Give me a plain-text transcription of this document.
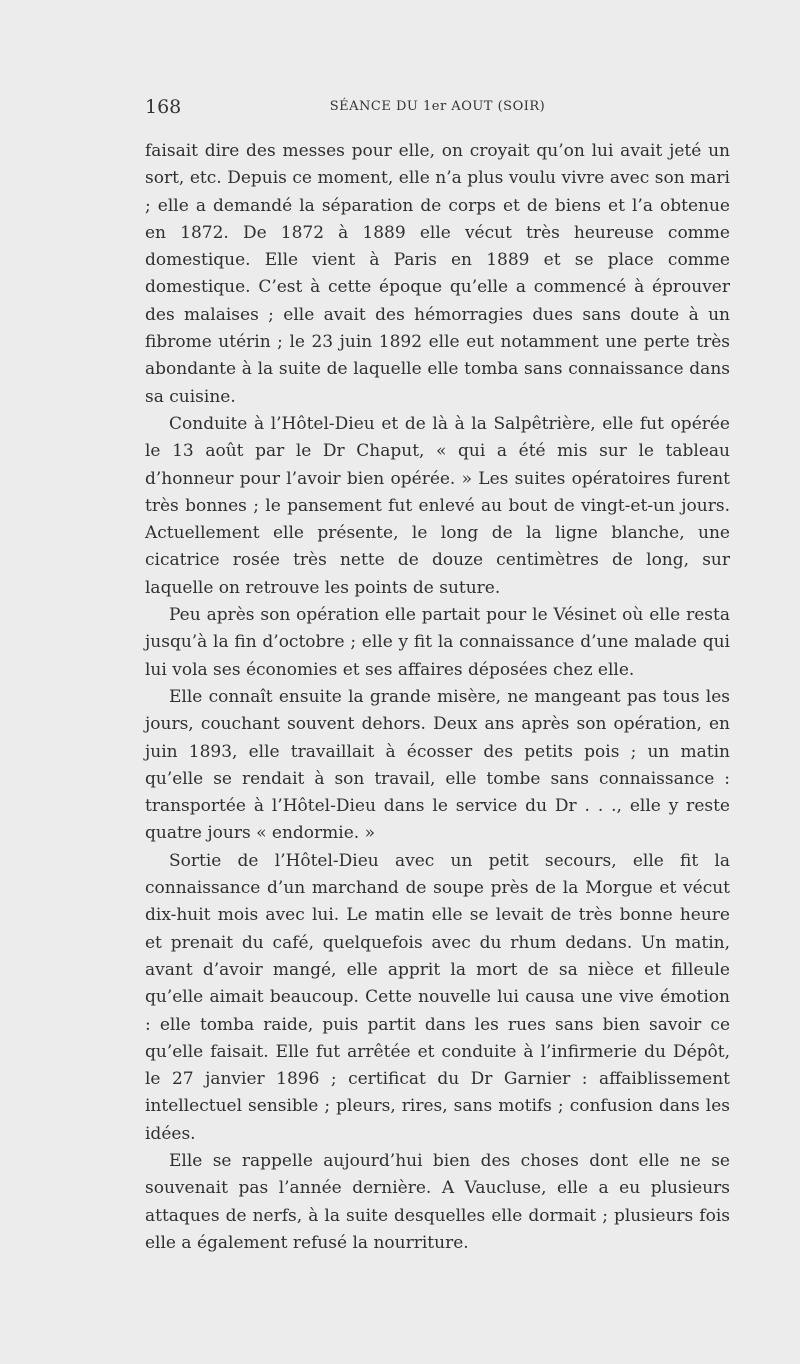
168	SÉANCE DU 1er AOUT (SOIR)

faisait dire des messes pour elle, on croyait qu’on lui avait jeté un sort, etc. Depuis ce moment, elle n’a plus voulu vivre avec son mari ; elle a demandé la séparation de corps et de biens et l’a obtenue en 1872. De 1872 à 1889 elle vécut très heureuse comme domestique. Elle vient à Paris en 1889 et se place comme domestique. C’est à cette époque qu’elle a commencé à éprouver des malaises ; elle avait des hémorragies dues sans doute à un fibrome utérin ; le 23 juin 1892 elle eut notamment une perte très abondante à la suite de laquelle elle tomba sans connaissance dans sa cuisine.

Conduite à l’Hôtel-Dieu et de là à la Salpêtrière, elle fut opérée le 13 août par le Dr Chaput, « qui a été mis sur le tableau d’honneur pour l’avoir bien opérée. » Les suites opératoires furent très bonnes ; le pansement fut enlevé au bout de vingt-et-un jours. Actuellement elle présente, le long de la ligne blanche, une cicatrice rosée très nette de douze centimètres de long, sur laquelle on retrouve les points de suture.

Peu après son opération elle partait pour le Vésinet où elle resta jusqu’à la fin d’octobre ; elle y fit la connaissance d’une malade qui lui vola ses économies et ses affaires déposées chez elle.

Elle connaît ensuite la grande misère, ne mangeant pas tous les jours, couchant souvent dehors. Deux ans après son opération, en juin 1893, elle travaillait à écosser des petits pois ; un matin qu’elle se rendait à son travail, elle tombe sans connaissance : transportée à l’Hôtel-Dieu dans le service du Dr . . ., elle y reste quatre jours « endormie. »

Sortie de l’Hôtel-Dieu avec un petit secours, elle fit la connaissance d’un marchand de soupe près de la Morgue et vécut dix-huit mois avec lui. Le matin elle se levait de très bonne heure et prenait du café, quelquefois avec du rhum dedans. Un matin, avant d’avoir mangé, elle apprit la mort de sa nièce et filleule qu’elle aimait beaucoup. Cette nouvelle lui causa une vive émotion : elle tomba raide, puis partit dans les rues sans bien savoir ce qu’elle faisait. Elle fut arrêtée et conduite à l’infirmerie du Dépôt, le 27 janvier 1896 ; certificat du Dr Garnier : affaiblissement intellectuel sensible ; pleurs, rires, sans motifs ; confusion dans les idées.

Elle se rappelle aujourd’hui bien des choses dont elle ne se souvenait pas l’année dernière. A Vaucluse, elle a eu plusieurs attaques de nerfs, à la suite desquelles elle dormait ; plusieurs fois elle a également refusé la nourriture.
